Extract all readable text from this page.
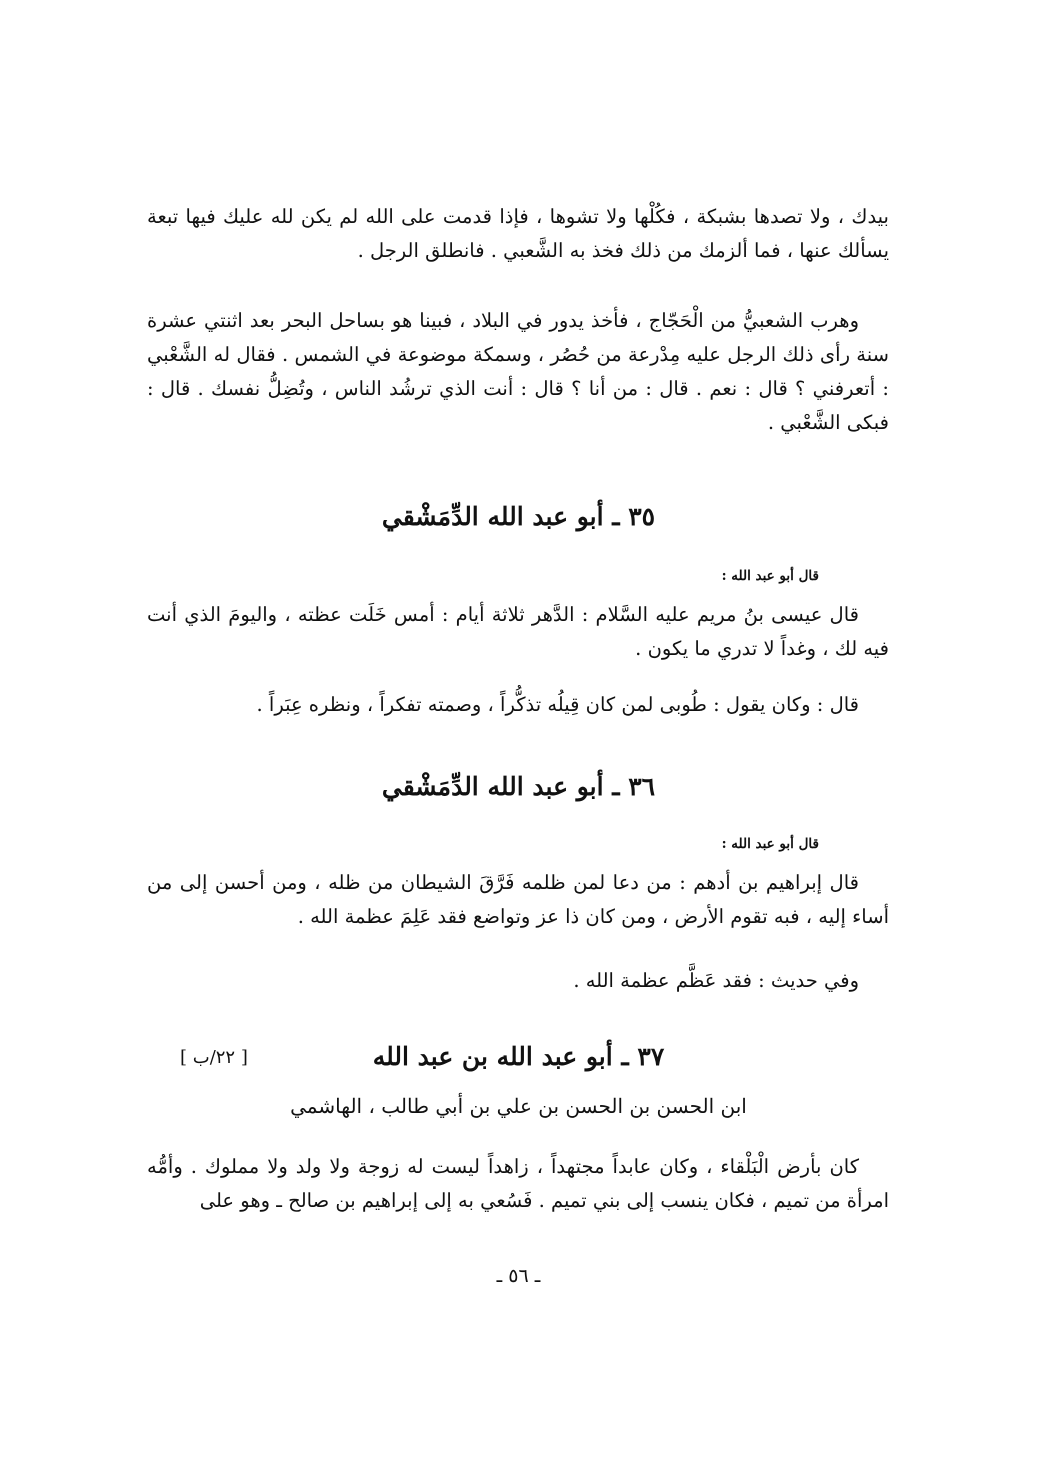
بيدك ، ولا تصدها بشبكة ، فكُلْها ولا تشوها ، فإذا قدمت على الله لم يكن لله عليك فيها تبعة يسألك عنها ، فما ألزمك من ذلك فخذ به الشَّعبي . فانطلق الرجل .

وهرب الشعبيُّ من الْحَجّاج ، فأخذ يدور في البلاد ، فبينا هو بساحل البحر بعد اثنتي عشرة سنة رأى ذلك الرجل عليه مِدْرعة من حُصُر ، وسمكة موضوعة في الشمس . فقال له الشَّعْبي : أتعرفني ؟ قال : نعم . قال : من أنا ؟ قال : أنت الذي ترشُد الناس ، وتُضِلُّ نفسك . قال : فبكى الشَّعْبي .

٣٥ ـ أبو عبد الله الدِّمَشْقي

قال أبو عبد الله :

قال عيسى بنُ مريم عليه السَّلام : الدَّهر ثلاثة أيام : أمس خَلَت عظته ، واليومَ الذي أنت فيه لك ، وغداً لا تدري ما يكون .

قال : وكان يقول : طُوبى لمن كان قِيلُه تذكُّراً ، وصمته تفكراً ، ونظره عِبَراً .

٣٦ ـ أبو عبد الله الدِّمَشْقي

قال أبو عبد الله :

قال إبراهيم بن أدهم : من دعا لمن ظلمه فَرَّقَ الشيطان من ظله ، ومن أحسن إلى من أساء إليه ، فبه تقوم الأرض ، ومن كان ذا عز وتواضع فقد عَلِمَ عظمة الله .

وفي حديث : فقد عَظَّم عظمة الله .

[ ٢٢/ب ]	٣٧ ـ أبو عبد الله بن عبد الله

ابن الحسن بن الحسن بن علي بن أبي طالب ، الهاشمي

كان بأرض الْبَلْقاء ، وكان عابداً مجتهداً ، زاهداً ليست له زوجة ولا ولد ولا مملوك . وأمُّه امرأة من تميم ، فكان ينسب إلى بني تميم . فَسُعي به إلى إبراهيم بن صالح ـ وهو على

ـ ٥٦ ـ
